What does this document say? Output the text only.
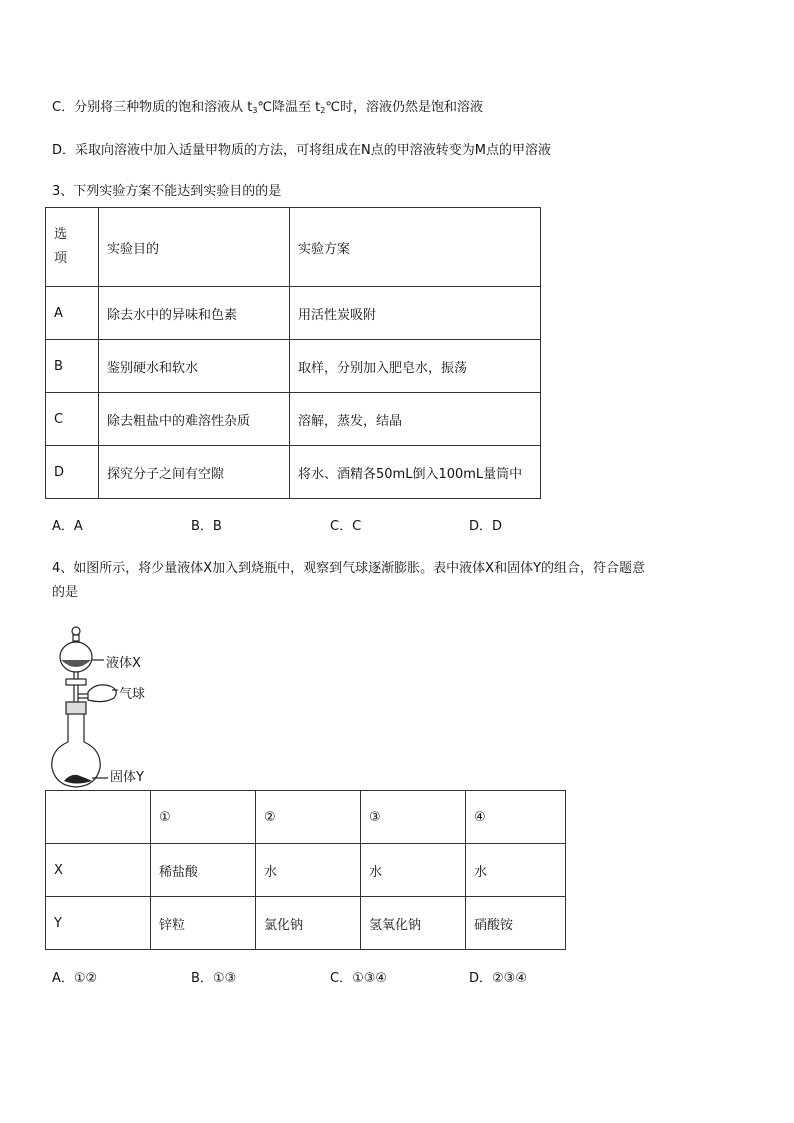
C．分别将三种物质的饱和溶液从 $t_3℃$降温至 $t_2℃$时，溶液仍然是饱和溶液
D．采取向溶液中加入适量甲物质的方法，可将组成在N点的甲溶液转变为M点的甲溶液
3、下列实验方案不能达到实验目的的是
选项	实验目的	实验方案
A	除去水中的异味和色素	用活性炭吸附
B	鉴别硬水和软水	取样，分别加入肥皂水，振荡
C	除去粗盐中的难溶性杂质	溶解，蒸发，结晶
D	探究分子之间有空隙	将水、酒精各50mL倒入100mL量筒中
A．A	B．B	C．C	D．D
4、如图所示，将少量液体X加入到烧瓶中，观察到气球逐渐膨胀。表中液体X和固体Y的组合，符合题意
的是
液体X
气球
固体Y
	①	②	③	④
X	稀盐酸	水	水	水
Y	锌粒	氯化钠	氢氧化钠	硝酸铵
A．①②	B．①③	C．①③④	D．②③④
